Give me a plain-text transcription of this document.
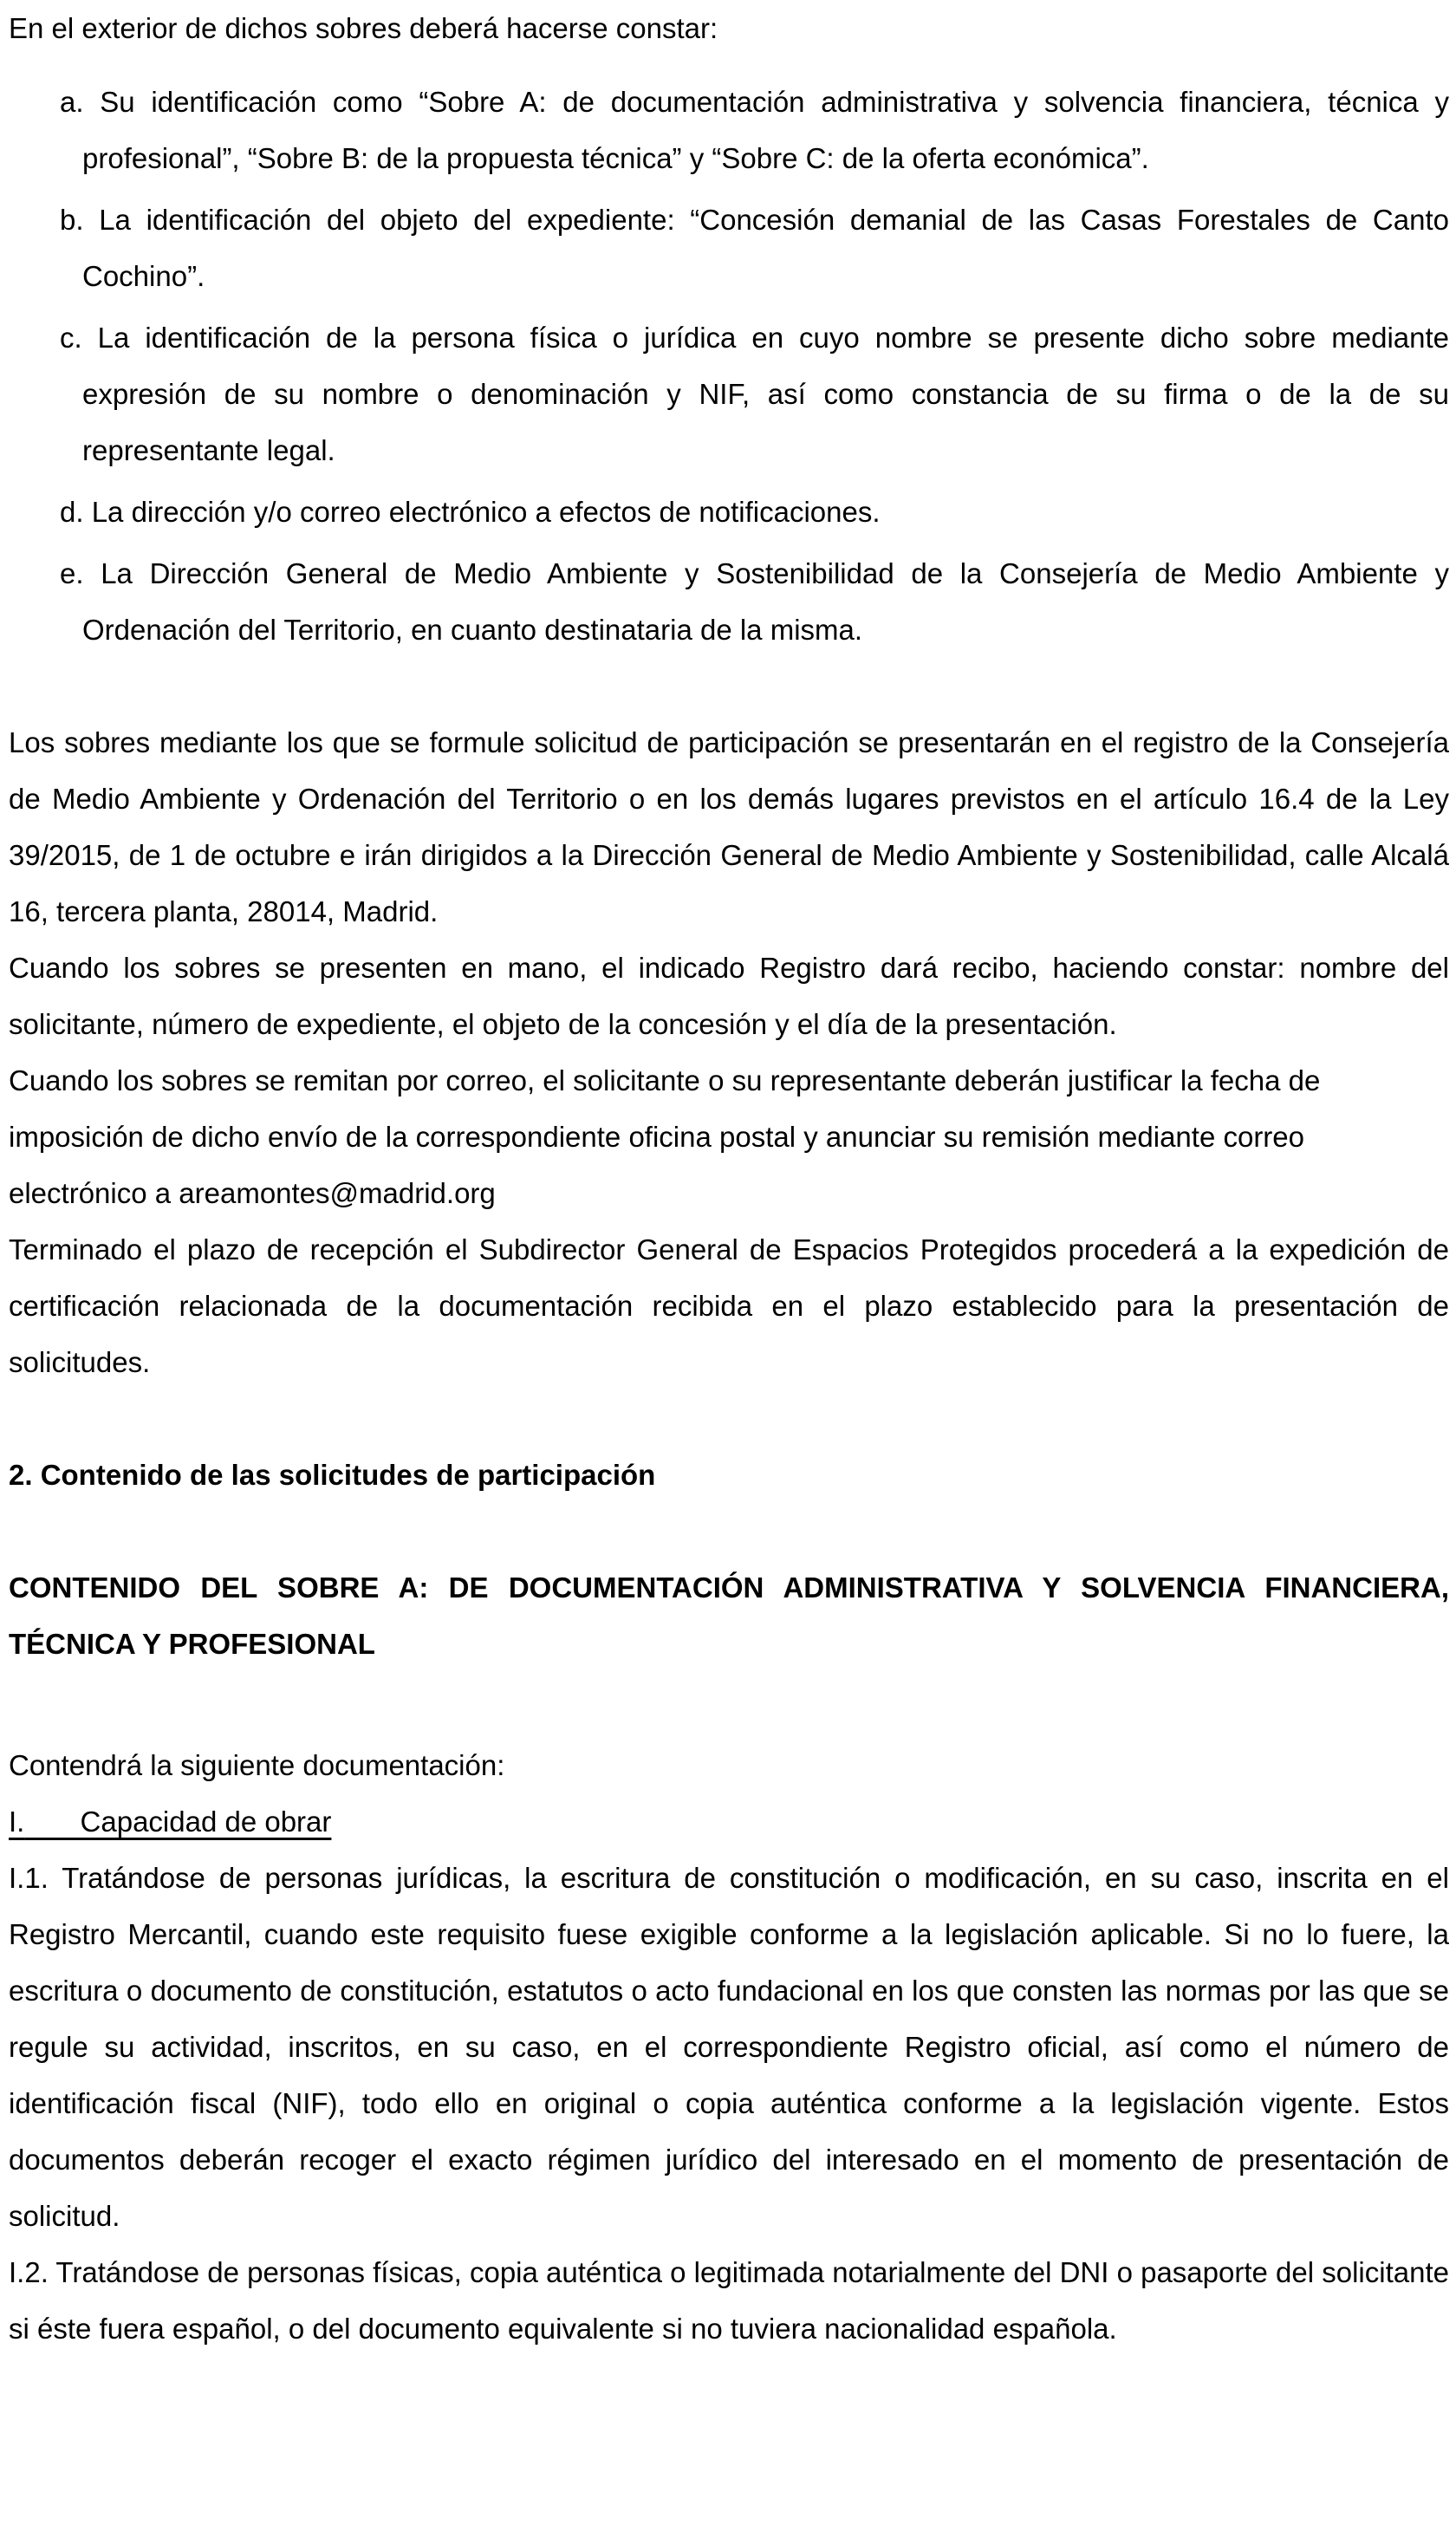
En el exterior de dichos sobres deberá hacerse constar:

a. Su identificación como “Sobre A: de documentación administrativa y solvencia financiera, técnica y profesional”, “Sobre B: de la propuesta técnica” y “Sobre C: de la oferta económica”.
b. La identificación del objeto del expediente: “Concesión demanial de las Casas Forestales de Canto Cochino”.
c. La identificación de la persona física o jurídica en cuyo nombre se presente dicho sobre mediante expresión de su nombre o denominación y NIF, así como constancia de su firma o de la de su representante legal.
d. La dirección y/o correo electrónico a efectos de notificaciones.
e. La Dirección General de Medio Ambiente y Sostenibilidad de la Consejería de Medio Ambiente y Ordenación del Territorio, en cuanto destinataria de la misma.

Los sobres mediante los que se formule solicitud de participación se presentarán en el registro de la Consejería de Medio Ambiente y Ordenación del Territorio o en los demás lugares previstos en el artículo 16.4 de la Ley 39/2015, de 1 de octubre e irán dirigidos a la Dirección General de Medio Ambiente y Sostenibilidad, calle Alcalá 16, tercera planta, 28014, Madrid.

Cuando los sobres se presenten en mano, el indicado Registro dará recibo, haciendo constar: nombre del solicitante, número de expediente, el objeto de la concesión y el día de la presentación.

Cuando los sobres se remitan por correo, el solicitante o su representante deberán justificar la fecha de imposición de dicho envío de la correspondiente oficina postal y anunciar su remisión mediante correo electrónico a areamontes@madrid.org

Terminado el plazo de recepción el Subdirector General de Espacios Protegidos procederá a la expedición de certificación relacionada de la documentación recibida en el plazo establecido para la presentación de solicitudes.

2. Contenido de las solicitudes de participación

CONTENIDO DEL SOBRE A: DE DOCUMENTACIÓN ADMINISTRATIVA Y SOLVENCIA FINANCIERA, TÉCNICA Y PROFESIONAL

Contendrá la siguiente documentación:

I. Capacidad de obrar

I.1. Tratándose de personas jurídicas, la escritura de constitución o modificación, en su caso, inscrita en el Registro Mercantil, cuando este requisito fuese exigible conforme a la legislación aplicable. Si no lo fuere, la escritura o documento de constitución, estatutos o acto fundacional en los que consten las normas por las que se regule su actividad, inscritos, en su caso, en el correspondiente Registro oficial, así como el número de identificación fiscal (NIF), todo ello en original o copia auténtica conforme a la legislación vigente. Estos documentos deberán recoger el exacto régimen jurídico del interesado en el momento de presentación de solicitud.

I.2. Tratándose de personas físicas, copia auténtica o legitimada notarialmente del DNI o pasaporte del solicitante si éste fuera español, o del documento equivalente si no tuviera nacionalidad española.
